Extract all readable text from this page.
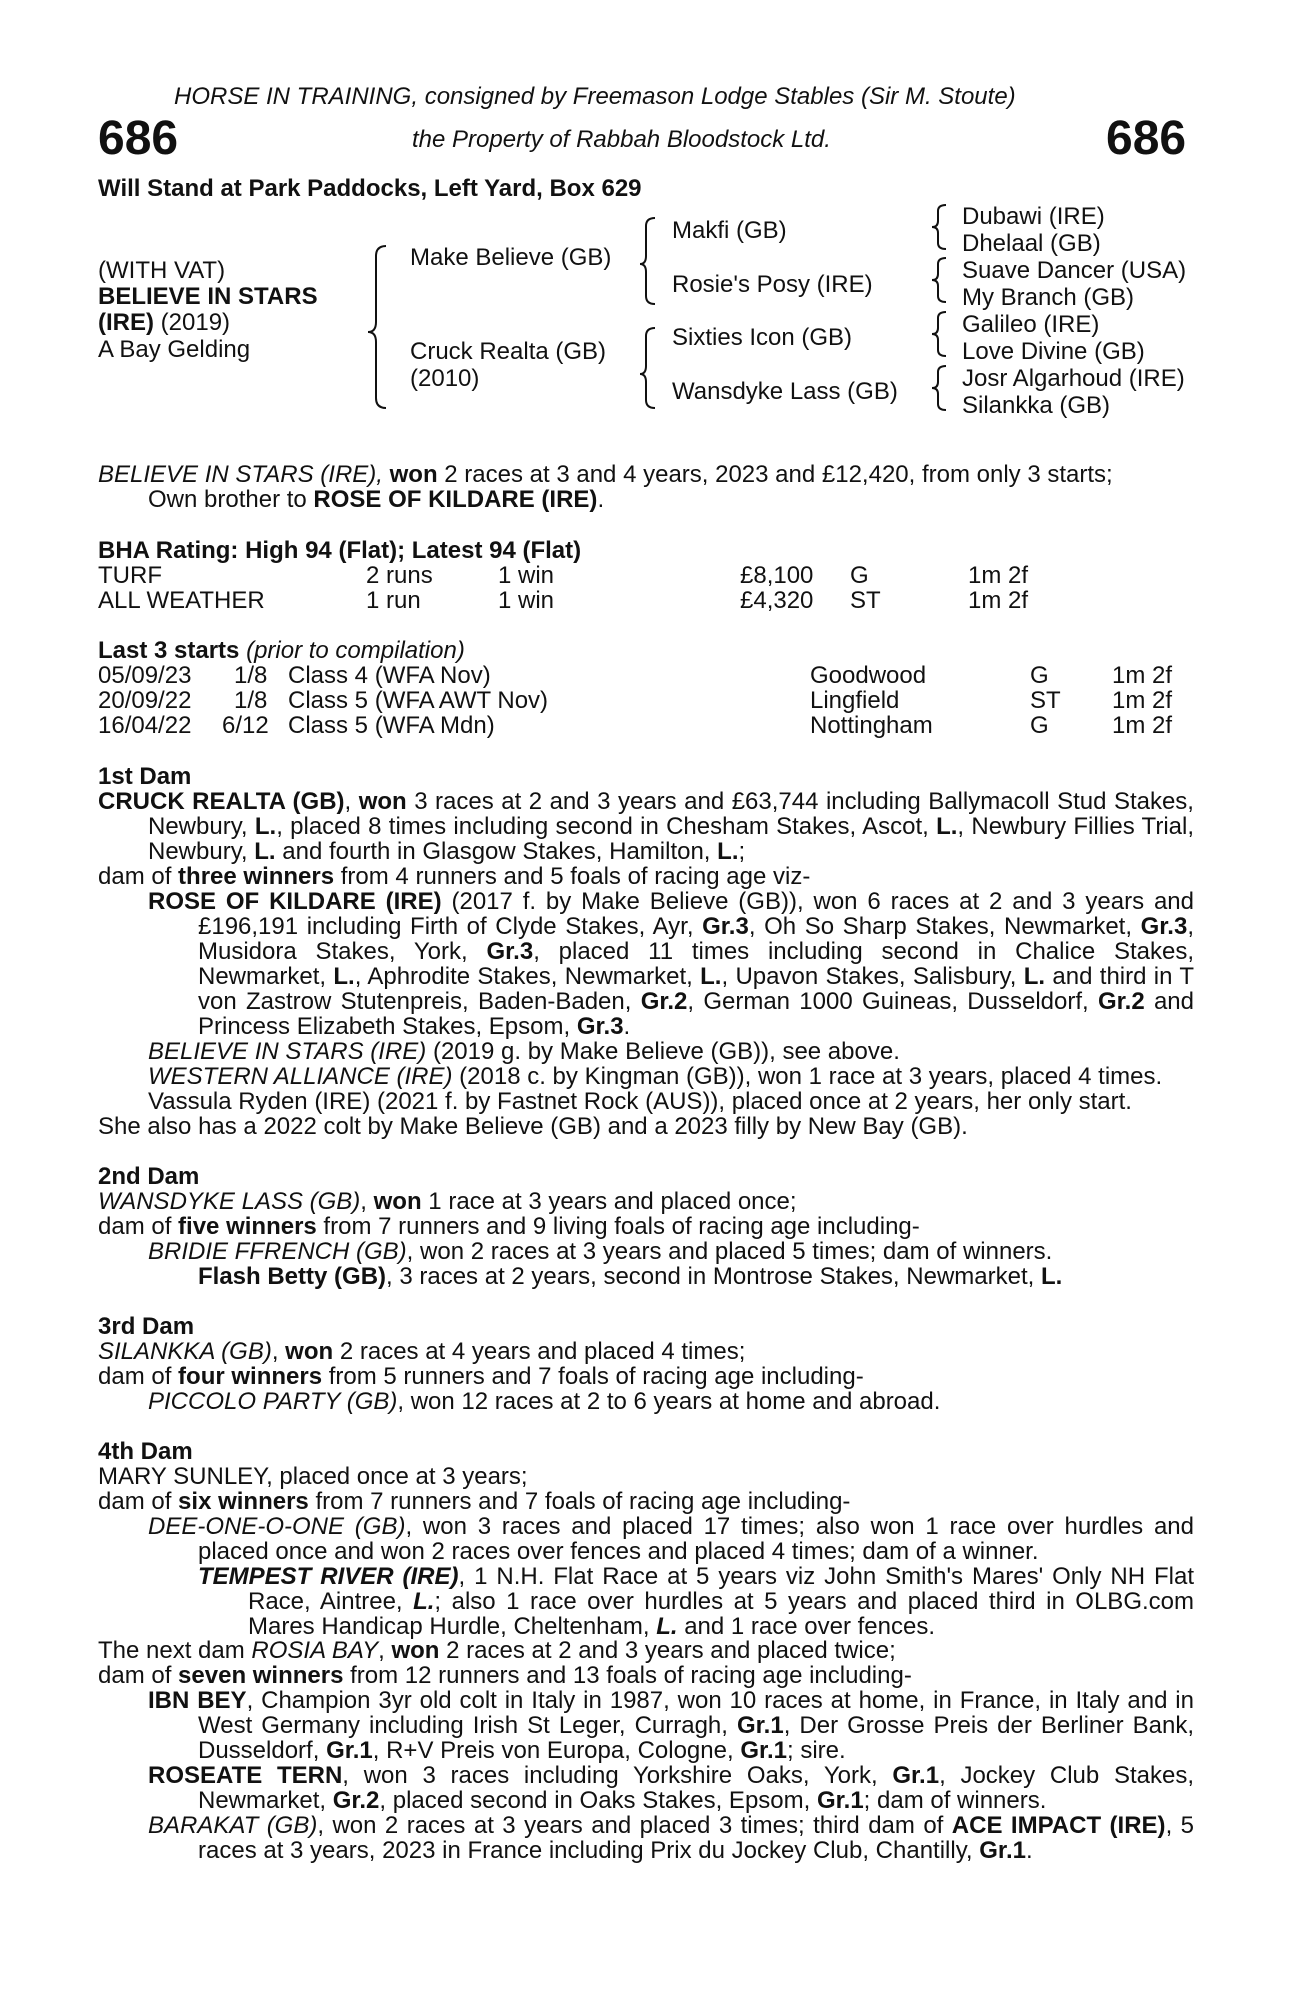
HORSE IN TRAINING, consigned by Freemason Lodge Stables (Sir M. Stoute)
686	the Property of Rabbah Bloodstock Ltd.	686
Will Stand at Park Paddocks, Left Yard, Box 629
(WITH VAT)
BELIEVE IN STARS
(IRE) (2019)
A Bay Gelding
Make Believe (GB)
Cruck Realta (GB)
(2010)
Makfi (GB)
Rosie's Posy (IRE)
Sixties Icon (GB)
Wansdyke Lass (GB)
Dubawi (IRE)
Dhelaal (GB)
Suave Dancer (USA)
My Branch (GB)
Galileo (IRE)
Love Divine (GB)
Josr Algarhoud (IRE)
Silankka (GB)
BELIEVE IN STARS (IRE), won 2 races at 3 and 4 years, 2023 and £12,420, from only 3 starts;
Own brother to ROSE OF KILDARE (IRE).
BHA Rating: High 94 (Flat); Latest 94 (Flat)
TURF	2 runs	1 win	£8,100 G	1m 2f
ALL WEATHER	1 run	1 win	£4,320 ST	1m 2f
Last 3 starts (prior to compilation)
05/09/23 1/8 Class 4 (WFA Nov)	Goodwood	G	1m 2f
20/09/22 1/8 Class 5 (WFA AWT Nov)	Lingfield	ST 1m 2f
16/04/22 6/12 Class 5 (WFA Mdn)	Nottingham	G	1m 2f
1st Dam
CRUCK REALTA (GB), won 3 races at 2 and 3 years and £63,744 including Ballymacoll Stud Stakes, Newbury, L., placed 8 times including second in Chesham Stakes, Ascot, L., Newbury Fillies Trial, Newbury, L. and fourth in Glasgow Stakes, Hamilton, L.;
dam of three winners from 4 runners and 5 foals of racing age viz-
ROSE OF KILDARE (IRE) (2017 f. by Make Believe (GB)), won 6 races at 2 and 3 years and £196,191 including Firth of Clyde Stakes, Ayr, Gr.3, Oh So Sharp Stakes, Newmarket, Gr.3, Musidora Stakes, York, Gr.3, placed 11 times including second in Chalice Stakes, Newmarket, L., Aphrodite Stakes, Newmarket, L., Upavon Stakes, Salisbury, L. and third in T von Zastrow Stutenpreis, Baden-Baden, Gr.2, German 1000 Guineas, Dusseldorf, Gr.2 and Princess Elizabeth Stakes, Epsom, Gr.3.
BELIEVE IN STARS (IRE) (2019 g. by Make Believe (GB)), see above.
WESTERN ALLIANCE (IRE) (2018 c. by Kingman (GB)), won 1 race at 3 years, placed 4 times.
Vassula Ryden (IRE) (2021 f. by Fastnet Rock (AUS)), placed once at 2 years, her only start.
She also has a 2022 colt by Make Believe (GB) and a 2023 filly by New Bay (GB).
2nd Dam
WANSDYKE LASS (GB), won 1 race at 3 years and placed once;
dam of five winners from 7 runners and 9 living foals of racing age including-
BRIDIE FFRENCH (GB), won 2 races at 3 years and placed 5 times; dam of winners.
Flash Betty (GB), 3 races at 2 years, second in Montrose Stakes, Newmarket, L.
3rd Dam
SILANKKA (GB), won 2 races at 4 years and placed 4 times;
dam of four winners from 5 runners and 7 foals of racing age including-
PICCOLO PARTY (GB), won 12 races at 2 to 6 years at home and abroad.
4th Dam
MARY SUNLEY, placed once at 3 years;
dam of six winners from 7 runners and 7 foals of racing age including-
DEE-ONE-O-ONE (GB), won 3 races and placed 17 times; also won 1 race over hurdles and placed once and won 2 races over fences and placed 4 times; dam of a winner.
TEMPEST RIVER (IRE), 1 N.H. Flat Race at 5 years viz John Smith's Mares' Only NH Flat Race, Aintree, L.; also 1 race over hurdles at 5 years and placed third in OLBG.com Mares Handicap Hurdle, Cheltenham, L. and 1 race over fences.
The next dam ROSIA BAY, won 2 races at 2 and 3 years and placed twice;
dam of seven winners from 12 runners and 13 foals of racing age including-
IBN BEY, Champion 3yr old colt in Italy in 1987, won 10 races at home, in France, in Italy and in West Germany including Irish St Leger, Curragh, Gr.1, Der Grosse Preis der Berliner Bank, Dusseldorf, Gr.1, R+V Preis von Europa, Cologne, Gr.1; sire.
ROSEATE TERN, won 3 races including Yorkshire Oaks, York, Gr.1, Jockey Club Stakes, Newmarket, Gr.2, placed second in Oaks Stakes, Epsom, Gr.1; dam of winners.
BARAKAT (GB), won 2 races at 3 years and placed 3 times; third dam of ACE IMPACT (IRE), 5 races at 3 years, 2023 in France including Prix du Jockey Club, Chantilly, Gr.1.
